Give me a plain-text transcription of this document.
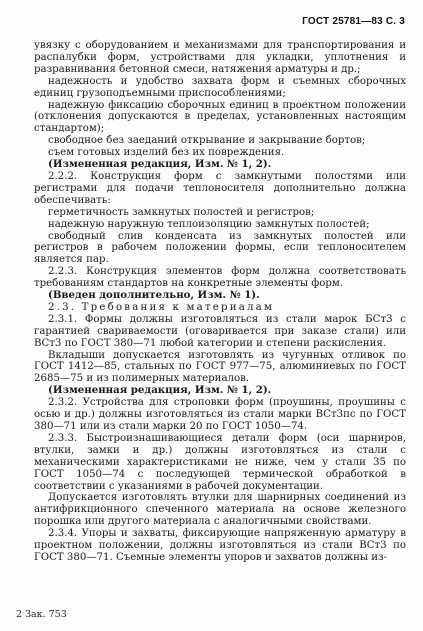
ГОСТ 25781—83 С. 3

увязку с оборудованием и механизмами для транспортирования и распалубки форм, устройствами для укладки, уплотнения и разравнивания бетонной смеси, натяжения арматуры и др.;

надежность и удобство захвата форм и съемных сборочных единиц грузоподъемными приспособлениями;

надежную фиксацию сборочных единиц в проектном положении (отклонения допускаются в пределах, установленных настоящим стандартом);

свободное без заеданий открывание и закрывание бортов;

съем готовых изделий без их повреждения.

(Измененная редакция, Изм. № 1, 2).

2.2.2. Конструкция форм с замкнутыми полостями или регистрами для подачи теплоносителя дополнительно должна обеспечивать:

герметичность замкнутых полостей и регистров;

надежную наружную теплоизоляцию замкнутых полостей;

свободный слив конденсата из замкнутых полостей или регистров в рабочем положении формы, если теплоносителем является пар.

2.2.3. Конструкция элементов форм должна соответствовать требованиям стандартов на конкретные элементы форм.

(Введен дополнительно, Изм. № 1).

2.3. Требования к материалам

2.3.1. Формы должны изготовляться из стали марок БСт3 с гарантией свариваемости (оговаривается при заказе стали) или ВСт3 по ГОСТ 380—71 любой категории и степени раскисления.

Вкладыши допускается изготовлять из чугунных отливок по ГОСТ 1412—85, стальных по ГОСТ 977—75, алюминиевых по ГОСТ 2685—75 и из полимерных материалов.

(Измененная редакция, Изм. № 1, 2).

2.3.2. Устройства для строповки форм (проушины, проушины с осью и др.) должны изготовляться из стали марки ВСт3пс по ГОСТ 380—71 или из стали марки 20 по ГОСТ 1050—74.

2.3.3. Быстроизнашивающиеся детали форм (оси шарниров, втулки, замки и др.) должны изготовляться из стали с механическими характеристиками не ниже, чем у стали 35 по ГОСТ 1050—74 с последующей термической обработкой в соответствии с указаниями в рабочей документации.

Допускается изготовлять втулки для шарнирных соединений из антифрикционного спеченного материала на основе железного порошка или другого материала с аналогичными свойствами.

2.3.4. Упоры и захваты, фиксирующие напряженную арматуру в проектном положении, должны изготовляться из стали ВСт3 по ГОСТ 380—71. Съемные элементы упоров и захватов должны из-

2 Зак. 753
